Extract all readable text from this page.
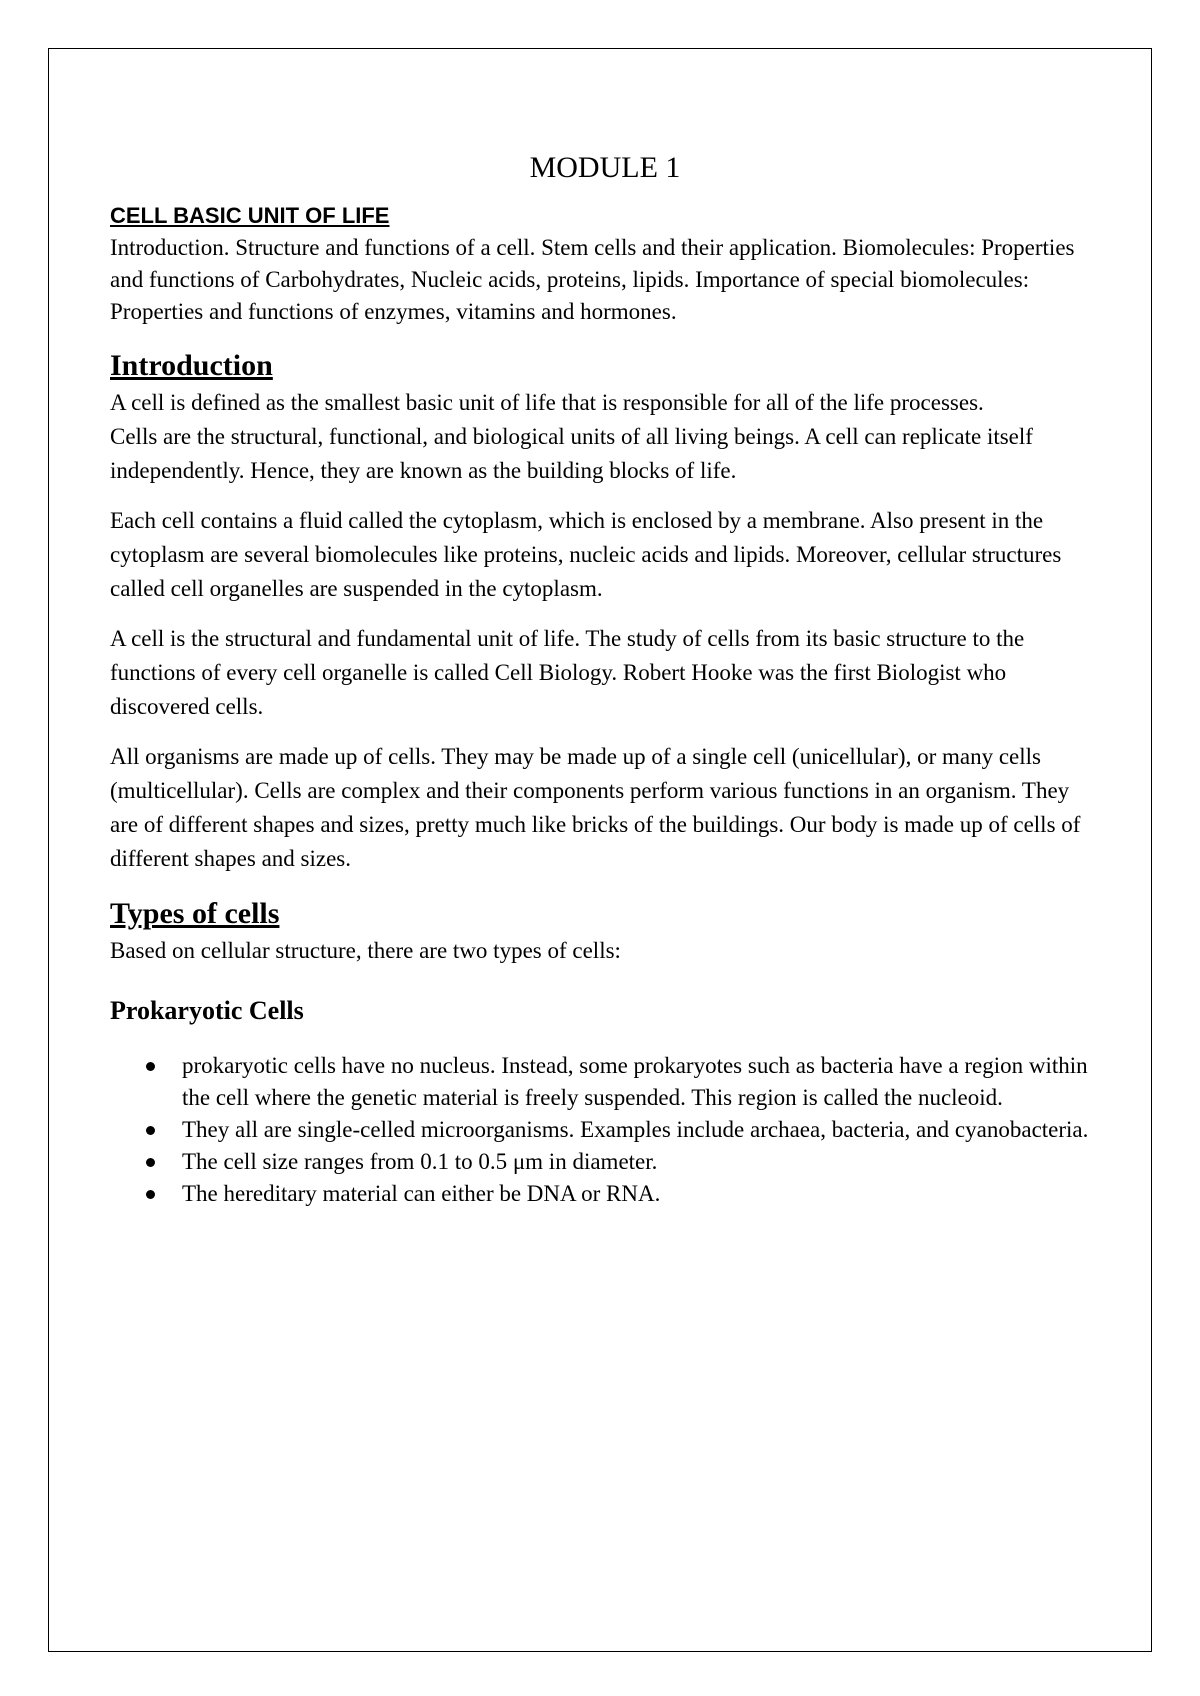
MODULE 1
CELL BASIC UNIT OF LIFE

Introduction. Structure and functions of a cell. Stem cells and their application. Biomolecules: Properties and functions of Carbohydrates, Nucleic acids, proteins, lipids. Importance of special biomolecules: Properties and functions of enzymes, vitamins and hormones.

Introduction

A cell is defined as the smallest basic unit of life that is responsible for all of the life processes.

Cells are the structural, functional, and biological units of all living beings. A cell can replicate itself independently. Hence, they are known as the building blocks of life.

Each cell contains a fluid called the cytoplasm, which is enclosed by a membrane. Also present in the cytoplasm are several biomolecules like proteins, nucleic acids and lipids. Moreover, cellular structures called cell organelles are suspended in the cytoplasm.

A cell is the structural and fundamental unit of life. The study of cells from its basic structure to the functions of every cell organelle is called Cell Biology. Robert Hooke was the first Biologist who discovered cells.

All organisms are made up of cells. They may be made up of a single cell (unicellular), or many cells (multicellular). Cells are complex and their components perform various functions in an organism. They are of different shapes and sizes, pretty much like bricks of the buildings. Our body is made up of cells of different shapes and sizes.

Types of cells

Based on cellular structure, there are two types of cells:

Prokaryotic Cells
prokaryotic cells have no nucleus. Instead, some prokaryotes such as bacteria have a region within the cell where the genetic material is freely suspended. This region is called the nucleoid.
They all are single-celled microorganisms. Examples include archaea, bacteria, and cyanobacteria.
The cell size ranges from 0.1 to 0.5 μm in diameter.
The hereditary material can either be DNA or RNA.
